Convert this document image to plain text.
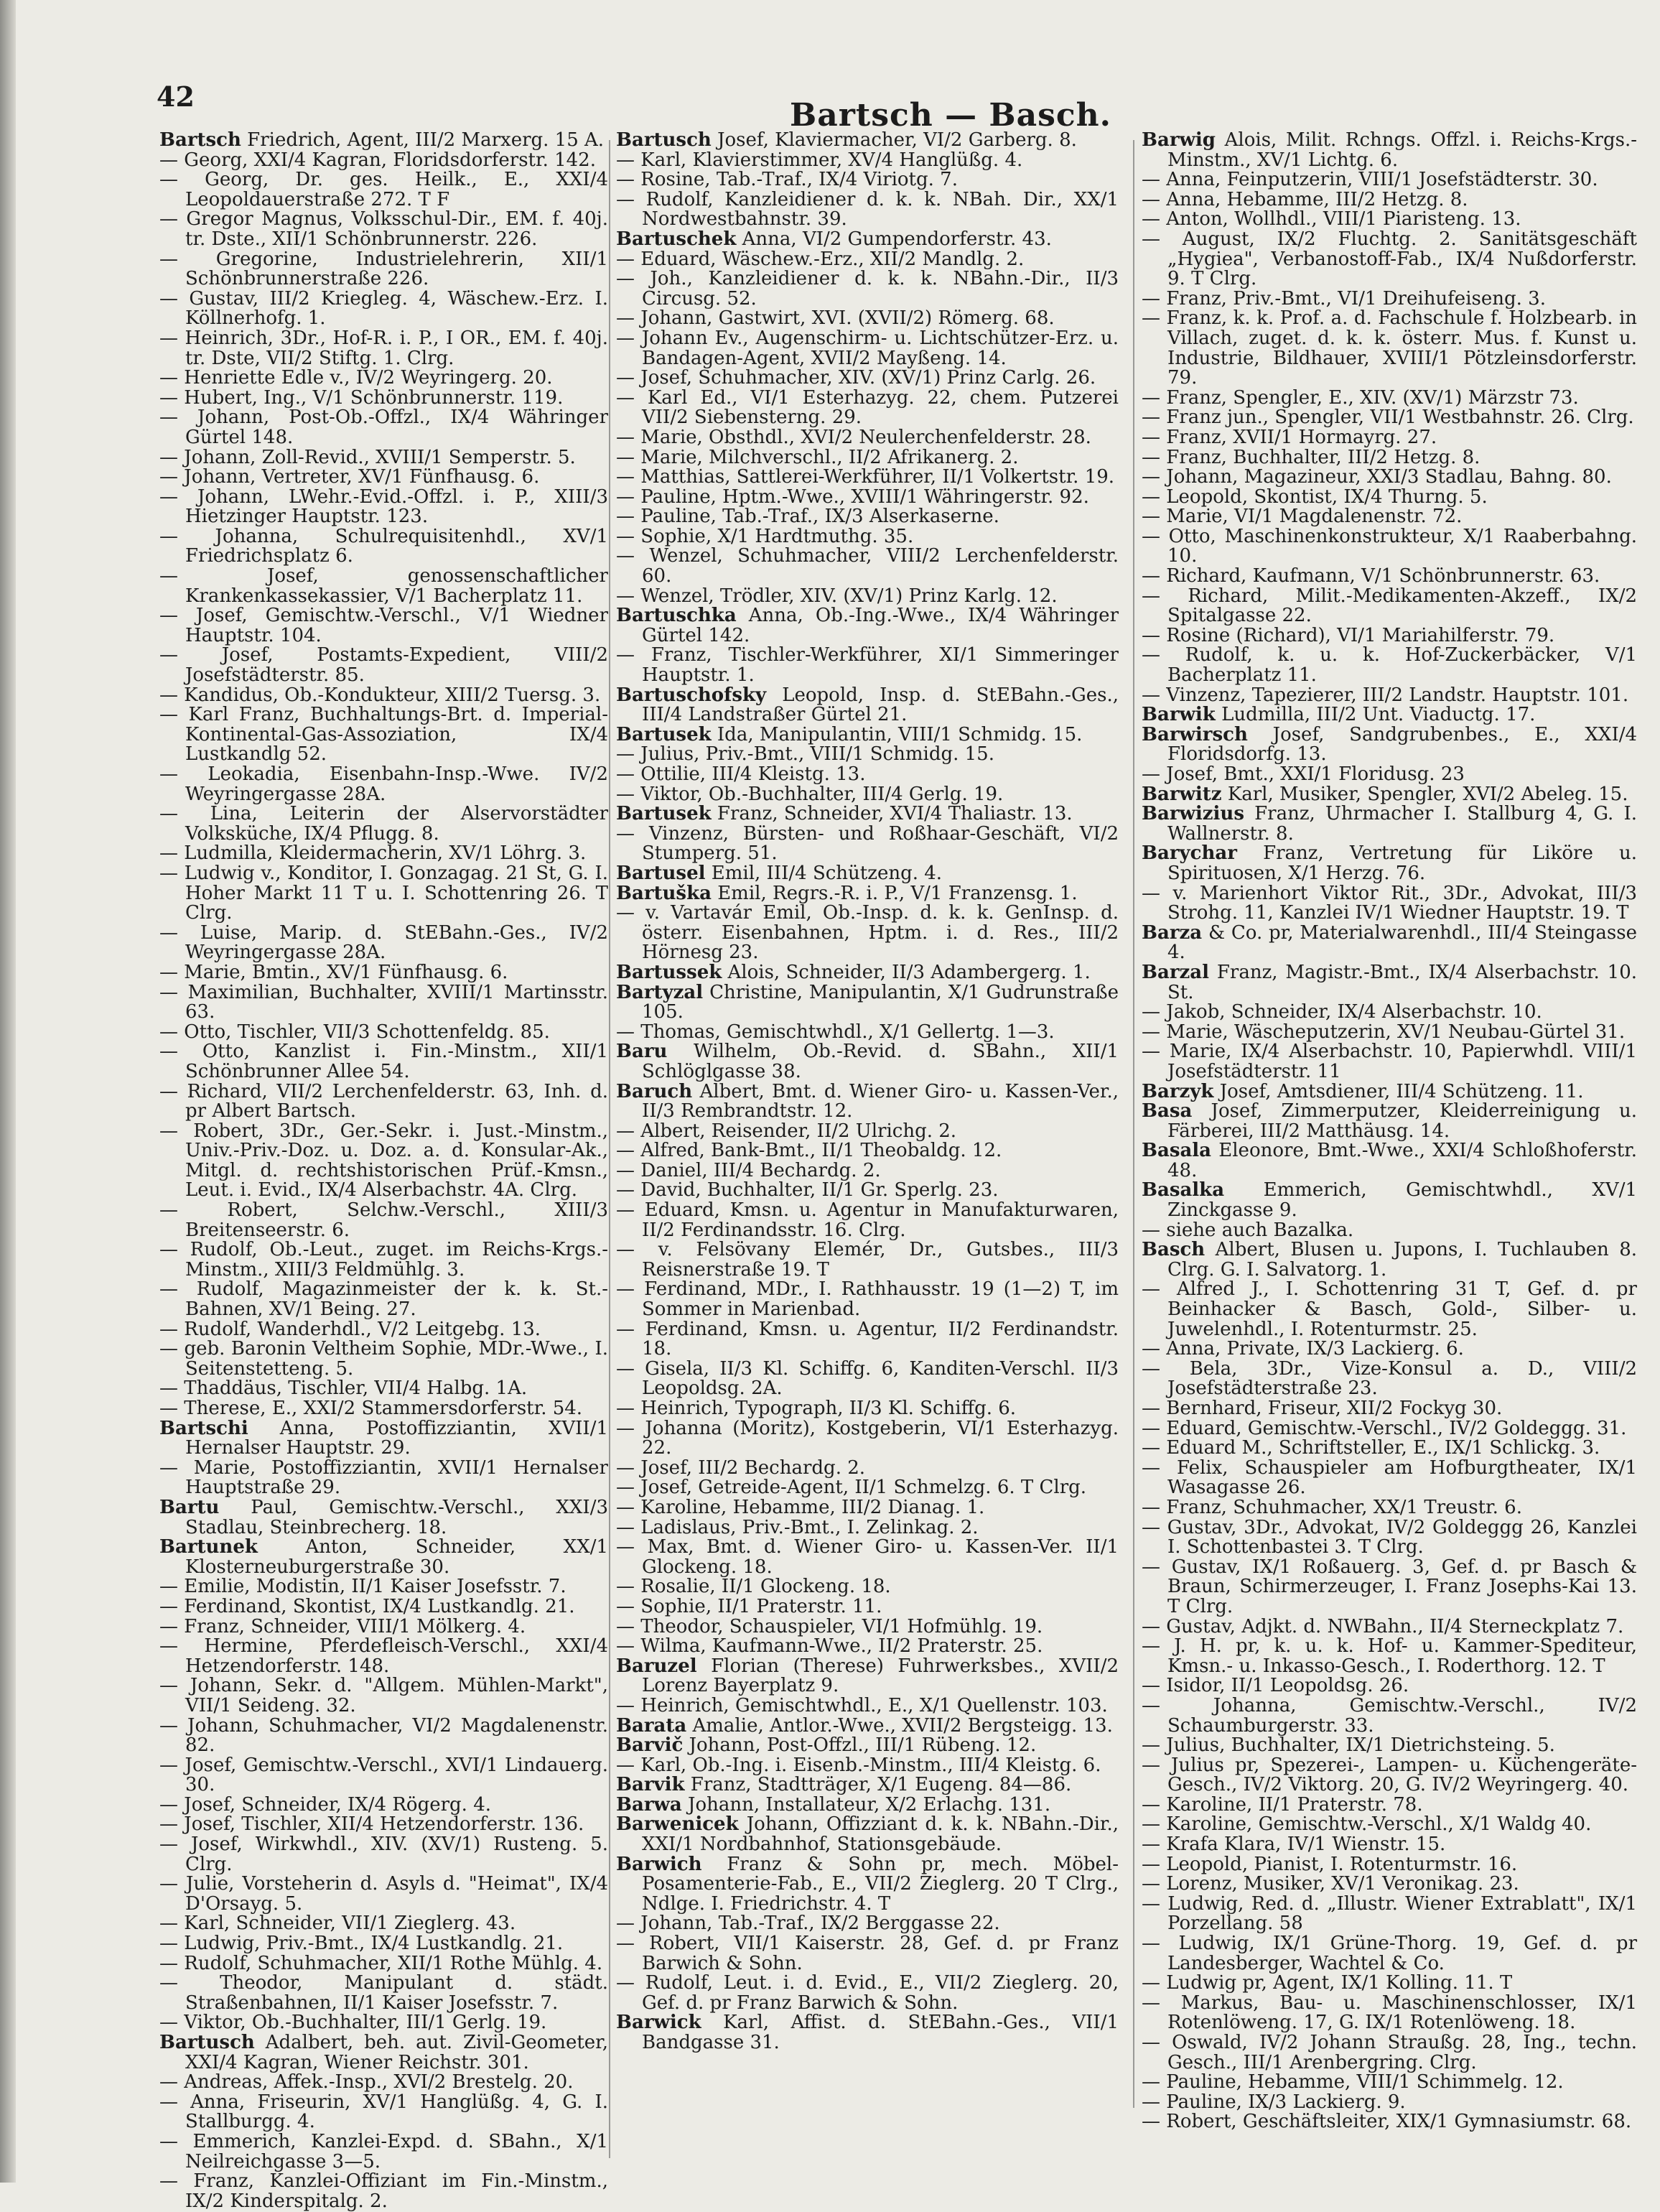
42
Bartsch — Basch.

Bartsch Friedrich, Agent, III/2 Marxerg. 15 A.

— Georg, XXI/4 Kagran, Floridsdorferstr. 142.

— Georg, Dr. ges. Heilk., E., XXI/4 Leopoldauerstraße 272. T F

— Gregor Magnus, Volksschul-Dir., EM. f. 40j. tr. Dste., XII/1 Schönbrunnerstr. 226.

— Gregorine, Industrielehrerin, XII/1 Schönbrunnerstraße 226.

— Gustav, III/2 Kriegleg. 4, Wäschew.-Erz. I. Köllnerhofg. 1.

— Heinrich, 3Dr., Hof-R. i. P., I OR., EM. f. 40j. tr. Dste, VII/2 Stiftg. 1. Clrg.

— Henriette Edle v., IV/2 Weyringerg. 20.

— Hubert, Ing., V/1 Schönbrunnerstr. 119.

— Johann, Post-Ob.-Offzl., IX/4 Währinger Gürtel 148.

— Johann, Zoll-Revid., XVIII/1 Semperstr. 5.

— Johann, Vertreter, XV/1 Fünfhausg. 6.

— Johann, LWehr.-Evid.-Offzl. i. P., XIII/3 Hietzinger Hauptstr. 123.

— Johanna, Schulrequisitenhdl., XV/1 Friedrichsplatz 6.

— Josef, genossenschaftlicher Krankenkassekassier, V/1 Bacherplatz 11.

— Josef, Gemischtw.-Verschl., V/1 Wiedner Hauptstr. 104.

— Josef, Postamts-Expedient, VIII/2 Josefstädterstr. 85.

— Kandidus, Ob.-Kondukteur, XIII/2 Tuersg. 3.

— Karl Franz, Buchhaltungs-Brt. d. Imperial-Kontinental-Gas-Assoziation, IX/4 Lustkandlg 52.

— Leokadia, Eisenbahn-Insp.-Wwe. IV/2 Weyringergasse 28A.

— Lina, Leiterin der Alservorstädter Volksküche, IX/4 Pflugg. 8.

— Ludmilla, Kleidermacherin, XV/1 Löhrg. 3.

— Ludwig v., Konditor, I. Gonzagag. 21 St, G. I. Hoher Markt 11 T u. I. Schottenring 26. T Clrg.

— Luise, Marip. d. StEBahn.-Ges., IV/2 Weyringergasse 28A.

— Marie, Bmtin., XV/1 Fünfhausg. 6.

— Maximilian, Buchhalter, XVIII/1 Martinsstr. 63.

— Otto, Tischler, VII/3 Schottenfeldg. 85.

— Otto, Kanzlist i. Fin.-Minstm., XII/1 Schönbrunner Allee 54.

— Richard, VII/2 Lerchenfelderstr. 63, Inh. d. pr Albert Bartsch.

— Robert, 3Dr., Ger.-Sekr. i. Just.-Minstm., Univ.-Priv.-Doz. u. Doz. a. d. Konsular-Ak., Mitgl. d. rechtshistorischen Prüf.-Kmsn., Leut. i. Evid., IX/4 Alserbachstr. 4A. Clrg.

— Robert, Selchw.-Verschl., XIII/3 Breitenseerstr. 6.

— Rudolf, Ob.-Leut., zuget. im Reichs-Krgs.-Minstm., XIII/3 Feldmühlg. 3.

— Rudolf, Magazinmeister der k. k. St.-Bahnen, XV/1 Being. 27.

— Rudolf, Wanderhdl., V/2 Leitgebg. 13.

— geb. Baronin Veltheim Sophie, MDr.-Wwe., I. Seitenstetteng. 5.

— Thaddäus, Tischler, VII/4 Halbg. 1A.

— Therese, E., XXI/2 Stammersdorferstr. 54.

Bartschi Anna, Postoffizziantin, XVII/1 Hernalser Hauptstr. 29.

— Marie, Postoffizziantin, XVII/1 Hernalser Hauptstraße 29.

Bartu Paul, Gemischtw.-Verschl., XXI/3 Stadlau, Steinbrecherg. 18.

Bartunek	Anton, Schneider, XX/1 Klosterneuburgerstraße 30.

— Emilie, Modistin, II/1 Kaiser Josefsstr. 7.

— Ferdinand, Skontist, IX/4 Lustkandlg. 21.

— Franz, Schneider, VIII/1 Mölkerg. 4.

— Hermine, Pferdefleisch-Verschl., XXI/4 Hetzendorferstr. 148.

— Johann, Sekr. d. "Allgem. Mühlen-Markt", VII/1 Seideng. 32.

— Johann, Schuhmacher, VI/2 Magdalenenstr. 82.

— Josef, Gemischtw.-Verschl., XVI/1 Lindauerg. 30.

— Josef, Schneider, IX/4 Rögerg. 4.

— Josef, Tischler, XII/4 Hetzendorferstr. 136.

— Josef, Wirkwhdl., XIV. (XV/1) Rusteng. 5. Clrg.

— Julie, Vorsteherin d. Asyls d. "Heimat", IX/4 D'Orsayg. 5.

— Karl, Schneider, VII/1 Zieglerg. 43.

— Ludwig, Priv.-Bmt., IX/4 Lustkandlg. 21.

— Rudolf, Schuhmacher, XII/1 Rothe Mühlg. 4.

— Theodor, Manipulant d. städt. Straßenbahnen, II/1 Kaiser Josefsstr. 7.

— Viktor, Ob.-Buchhalter, III/1 Gerlg. 19.

Bartusch Adalbert, beh. aut. Zivil-Geometer, XXI/4 Kagran, Wiener Reichstr. 301.

— Andreas, Affek.-Insp., XVI/2 Brestelg. 20.

— Anna, Friseurin, XV/1 Hanglüßg. 4, G. I. Stallburgg. 4.

— Emmerich, Kanzlei-Expd. d. SBahn., X/1 Neilreichgasse 3—5.

— Franz, Kanzlei-Offiziant im Fin.-Minstm., IX/2 Kinderspitalg. 2.

Bartusch Josef, Klaviermacher, VI/2 Garberg. 8.

— Karl, Klavierstimmer, XV/4 Hanglüßg. 4.

— Rosine, Tab.-Traf., IX/4 Viriotg. 7.

— Rudolf, Kanzleidiener d. k. k. NBah. Dir., XX/1 Nordwestbahnstr. 39.

Bartuschek Anna, VI/2 Gumpendorferstr. 43.

— Eduard, Wäschew.-Erz., XII/2 Mandlg. 2.

— Joh., Kanzleidiener d. k. k. NBahn.-Dir., II/3 Circusg. 52.

— Johann, Gastwirt, XVI. (XVII/2) Römerg. 68.

— Johann Ev., Augenschirm- u. Lichtschützer-Erz. u. Bandagen-Agent, XVII/2 Mayßeng. 14.

— Josef, Schuhmacher, XIV. (XV/1) Prinz Carlg. 26.

— Karl Ed., VI/1 Esterhazyg. 22, chem. Putzerei VII/2 Siebensterng. 29.

— Marie, Obsthdl., XVI/2 Neulerchenfelderstr. 28.

— Marie, Milchverschl., II/2 Afrikanerg. 2.

— Matthias, Sattlerei-Werkführer, II/1 Volkertstr. 19.

— Pauline, Hptm.-Wwe., XVIII/1 Währingerstr. 92.

— Pauline, Tab.-Traf., IX/3 Alserkaserne.

— Sophie, X/1 Hardtmuthg. 35.

— Wenzel, Schuhmacher, VIII/2 Lerchenfelderstr. 60.

— Wenzel, Trödler, XIV. (XV/1) Prinz Karlg. 12.

Bartuschka Anna, Ob.-Ing.-Wwe., IX/4 Währinger Gürtel 142.

— Franz, Tischler-Werkführer, XI/1 Simmeringer Hauptstr. 1.

Bartuschofsky Leopold, Insp. d. StEBahn.-Ges., III/4 Landstraßer Gürtel 21.

Bartusek Ida, Manipulantin, VIII/1 Schmidg. 15.

— Julius, Priv.-Bmt., VIII/1 Schmidg. 15.

— Ottilie, III/4 Kleistg. 13.

— Viktor, Ob.-Buchhalter, III/4 Gerlg. 19.

Bartusek Franz, Schneider, XVI/4 Thaliastr. 13.

— Vinzenz, Bürsten- und Roßhaar-Geschäft, VI/2 Stumperg. 51.

Bartusel Emil, III/4 Schützeng. 4.

Bartuška Emil, Regrs.-R. i. P., V/1 Franzensg. 1.

— v. Vartavár Emil, Ob.-Insp. d. k. k. GenInsp. d. österr. Eisenbahnen, Hptm. i. d. Res., III/2 Hörnesg 23.

Bartussek Alois, Schneider, II/3 Adambergerg. 1.

Bartyzal Christine, Manipulantin, X/1 Gudrunstraße 105.

— Thomas, Gemischtwhdl., X/1 Gellertg. 1—3.

Baru Wilhelm, Ob.-Revid. d. SBahn., XII/1 Schlöglgasse 38.

Baruch Albert, Bmt. d. Wiener Giro- u. Kassen-Ver., II/3 Rembrandtstr. 12.

— Albert, Reisender, II/2 Ulrichg. 2.

— Alfred, Bank-Bmt., II/1 Theobaldg. 12.

— Daniel, III/4 Bechardg. 2.

— David, Buchhalter, II/1 Gr. Sperlg. 23.

— Eduard, Kmsn. u. Agentur in Manufakturwaren, II/2 Ferdinandsstr. 16. Clrg.

— v. Felsövany Elemér, Dr., Gutsbes., III/3 Reisnerstraße 19. T

— Ferdinand, MDr., I. Rathhausstr. 19 (1—2) T, im Sommer in Marienbad.

— Ferdinand, Kmsn. u. Agentur, II/2 Ferdinandstr. 18.

— Gisela, II/3 Kl. Schiffg. 6, Kanditen-Verschl. II/3 Leopoldsg. 2A.

— Heinrich, Typograph, II/3 Kl. Schiffg. 6.

— Johanna (Moritz), Kostgeberin, VI/1 Esterhazyg. 22.

— Josef, III/2 Bechardg. 2.

— Josef, Getreide-Agent, II/1 Schmelzg. 6. T Clrg.

— Karoline, Hebamme, III/2 Dianag. 1.

— Ladislaus, Priv.-Bmt., I. Zelinkag. 2.

— Max, Bmt. d. Wiener Giro- u. Kassen-Ver. II/1 Glockeng. 18.

— Rosalie, II/1 Glockeng. 18.

— Sophie, II/1 Praterstr. 11.

— Theodor, Schauspieler, VI/1 Hofmühlg. 19.

— Wilma, Kaufmann-Wwe., II/2 Praterstr. 25.

Baruzel Florian (Therese) Fuhrwerksbes., XVII/2 Lorenz Bayerplatz 9.

— Heinrich, Gemischtwhdl., E., X/1 Quellenstr. 103.

Barata Amalie, Antlor.-Wwe., XVII/2 Bergsteigg. 13.

Barvič Johann, Post-Offzl., III/1 Rübeng. 12.

— Karl, Ob.-Ing. i. Eisenb.-Minstm., III/4 Kleistg. 6.

Barvik Franz, Stadtträger, X/1 Eugeng. 84—86.

Barwa Johann, Installateur, X/2 Erlachg. 131.

Barwenicek Johann, Offizziant d. k. k. NBahn.-Dir., XXI/1 Nordbahnhof, Stationsgebäude.

Barwich Franz & Sohn pr, mech. Möbel-Posamenterie-Fab., E., VII/2 Zieglerg. 20 T Clrg., Ndlge. I. Friedrichstr. 4. T

— Johann, Tab.-Traf., IX/2 Berggasse 22.

— Robert, VII/1 Kaiserstr. 28, Gef. d. pr Franz Barwich & Sohn.

— Rudolf, Leut. i. d. Evid., E., VII/2 Zieglerg. 20, Gef. d. pr Franz Barwich & Sohn.

Barwick Karl, Affist. d. StEBahn.-Ges., VII/1 Bandgasse 31.

Barwig Alois, Milit. Rchngs. Offzl. i. Reichs-Krgs.-Minstm., XV/1 Lichtg. 6.

— Anna, Feinputzerin, VIII/1 Josefstädterstr. 30.

— Anna, Hebamme, III/2 Hetzg. 8.

— Anton, Wollhdl., VIII/1 Piaristeng. 13.

— August, IX/2 Fluchtg. 2. Sanitätsgeschäft „Hygiea", Verbanostoff-Fab., IX/4 Nußdorferstr. 9. T Clrg.

— Franz, Priv.-Bmt., VI/1 Dreihufeiseng. 3.

— Franz, k. k. Prof. a. d. Fachschule f. Holzbearb. in Villach, zuget. d. k. k. österr. Mus. f. Kunst u. Industrie, Bildhauer, XVIII/1 Pötzleinsdorferstr. 79.

— Franz, Spengler, E., XIV. (XV/1) Märzstr 73.

— Franz jun., Spengler, VII/1 Westbahnstr. 26. Clrg.

— Franz, XVII/1 Hormayrg. 27.

— Franz, Buchhalter, III/2 Hetzg. 8.

— Johann, Magazineur, XXI/3 Stadlau, Bahng. 80.

— Leopold, Skontist, IX/4 Thurng. 5.

— Marie, VI/1 Magdalenenstr. 72.

— Otto, Maschinenkonstrukteur, X/1 Raaberbahng. 10.

— Richard, Kaufmann, V/1 Schönbrunnerstr. 63.

— Richard, Milit.-Medikamenten-Akzeff., IX/2 Spitalgasse 22.

— Rosine (Richard), VI/1 Mariahilferstr. 79.

— Rudolf, k. u. k. Hof-Zuckerbäcker, V/1 Bacherplatz 11.

— Vinzenz, Tapezierer, III/2 Landstr. Hauptstr. 101.

Barwik Ludmilla, III/2 Unt. Viaductg. 17.

Barwirsch Josef, Sandgrubenbes., E., XXI/4 Floridsdorfg. 13.

— Josef, Bmt., XXI/1 Floridusg. 23

Barwitz Karl, Musiker, Spengler, XVI/2 Abeleg. 15.

Barwizius Franz, Uhrmacher I. Stallburg 4, G. I. Wallnerstr. 8.

Barychar Franz, Vertretung für Liköre u. Spirituosen, X/1 Herzg. 76.

— v. Marienhort Viktor Rit., 3Dr., Advokat, III/3 Strohg. 11, Kanzlei IV/1 Wiedner Hauptstr. 19. T

Barza & Co. pr, Materialwarenhdl., III/4 Steingasse 4.

Barzal Franz, Magistr.-Bmt., IX/4 Alserbachstr. 10. St.

— Jakob, Schneider, IX/4 Alserbachstr. 10.

— Marie, Wäscheputzerin, XV/1 Neubau-Gürtel 31.

— Marie, IX/4 Alserbachstr. 10, Papierwhdl. VIII/1 Josefstädterstr. 11

Barzyk Josef, Amtsdiener, III/4 Schützeng. 11.

Basa Josef, Zimmerputzer, Kleiderreinigung u. Färberei, III/2 Matthäusg. 14.

Basala Eleonore, Bmt.-Wwe., XXI/4 Schloßhoferstr. 48.

Basalka Emmerich, Gemischtwhdl., XV/1 Zinckgasse 9.

— siehe auch Bazalka.

Basch Albert, Blusen u. Jupons, I. Tuchlauben 8. Clrg. G. I. Salvatorg. 1.

— Alfred J., I. Schottenring 31 T, Gef. d. pr Beinhacker & Basch, Gold-, Silber- u. Juwelenhdl., I. Rotenturmstr. 25.

— Anna, Private, IX/3 Lackierg. 6.

— Bela, 3Dr., Vize-Konsul a. D., VIII/2 Josefstädterstraße 23.

— Bernhard, Friseur, XII/2 Fockyg 30.

— Eduard, Gemischtw.-Verschl., IV/2 Goldeggg. 31.

— Eduard M., Schriftsteller, E., IX/1 Schlickg. 3.

— Felix, Schauspieler am Hofburgtheater, IX/1 Wasagasse 26.

— Franz, Schuhmacher, XX/1 Treustr. 6.

— Gustav, 3Dr., Advokat, IV/2 Goldeggg 26, Kanzlei I. Schottenbastei 3. T Clrg.

— Gustav, IX/1 Roßauerg. 3, Gef. d. pr Basch & Braun, Schirmerzeuger, I. Franz Josephs-Kai 13. T Clrg.

— Gustav, Adjkt. d. NWBahn., II/4 Sterneckplatz 7.

— J. H. pr, k. u. k. Hof- u. Kammer-Spediteur, Kmsn.- u. Inkasso-Gesch., I. Roderthorg. 12. T

— Isidor, II/1 Leopoldsg. 26.

— Johanna, Gemischtw.-Verschl., IV/2 Schaumburgerstr. 33.

— Julius, Buchhalter, IX/1 Dietrichsteing. 5.

— Julius pr, Spezerei-, Lampen- u. Küchengeräte-Gesch., IV/2 Viktorg. 20, G. IV/2 Weyringerg. 40.

— Karoline, II/1 Praterstr. 78.

— Karoline, Gemischtw.-Verschl., X/1 Waldg 40.

— Krafa Klara, IV/1 Wienstr. 15.

— Leopold, Pianist, I. Rotenturmstr. 16.

— Lorenz, Musiker, XV/1 Veronikag. 23.

— Ludwig, Red. d. „Illustr. Wiener Extrablatt", IX/1 Porzellang. 58

— Ludwig, IX/1 Grüne-Thorg. 19, Gef. d. pr Landesberger, Wachtel & Co.

— Ludwig pr, Agent, IX/1 Kolling. 11. T

— Markus, Bau- u. Maschinenschlosser, IX/1 Rotenlöweng. 17, G. IX/1 Rotenlöweng. 18.

— Oswald, IV/2 Johann Straußg. 28, Ing., techn. Gesch., III/1 Arenbergring. Clrg.

— Pauline, Hebamme, VIII/1 Schimmelg. 12.

— Pauline, IX/3 Lackierg. 9.

— Robert, Geschäftsleiter, XIX/1 Gymnasiumstr. 68.
